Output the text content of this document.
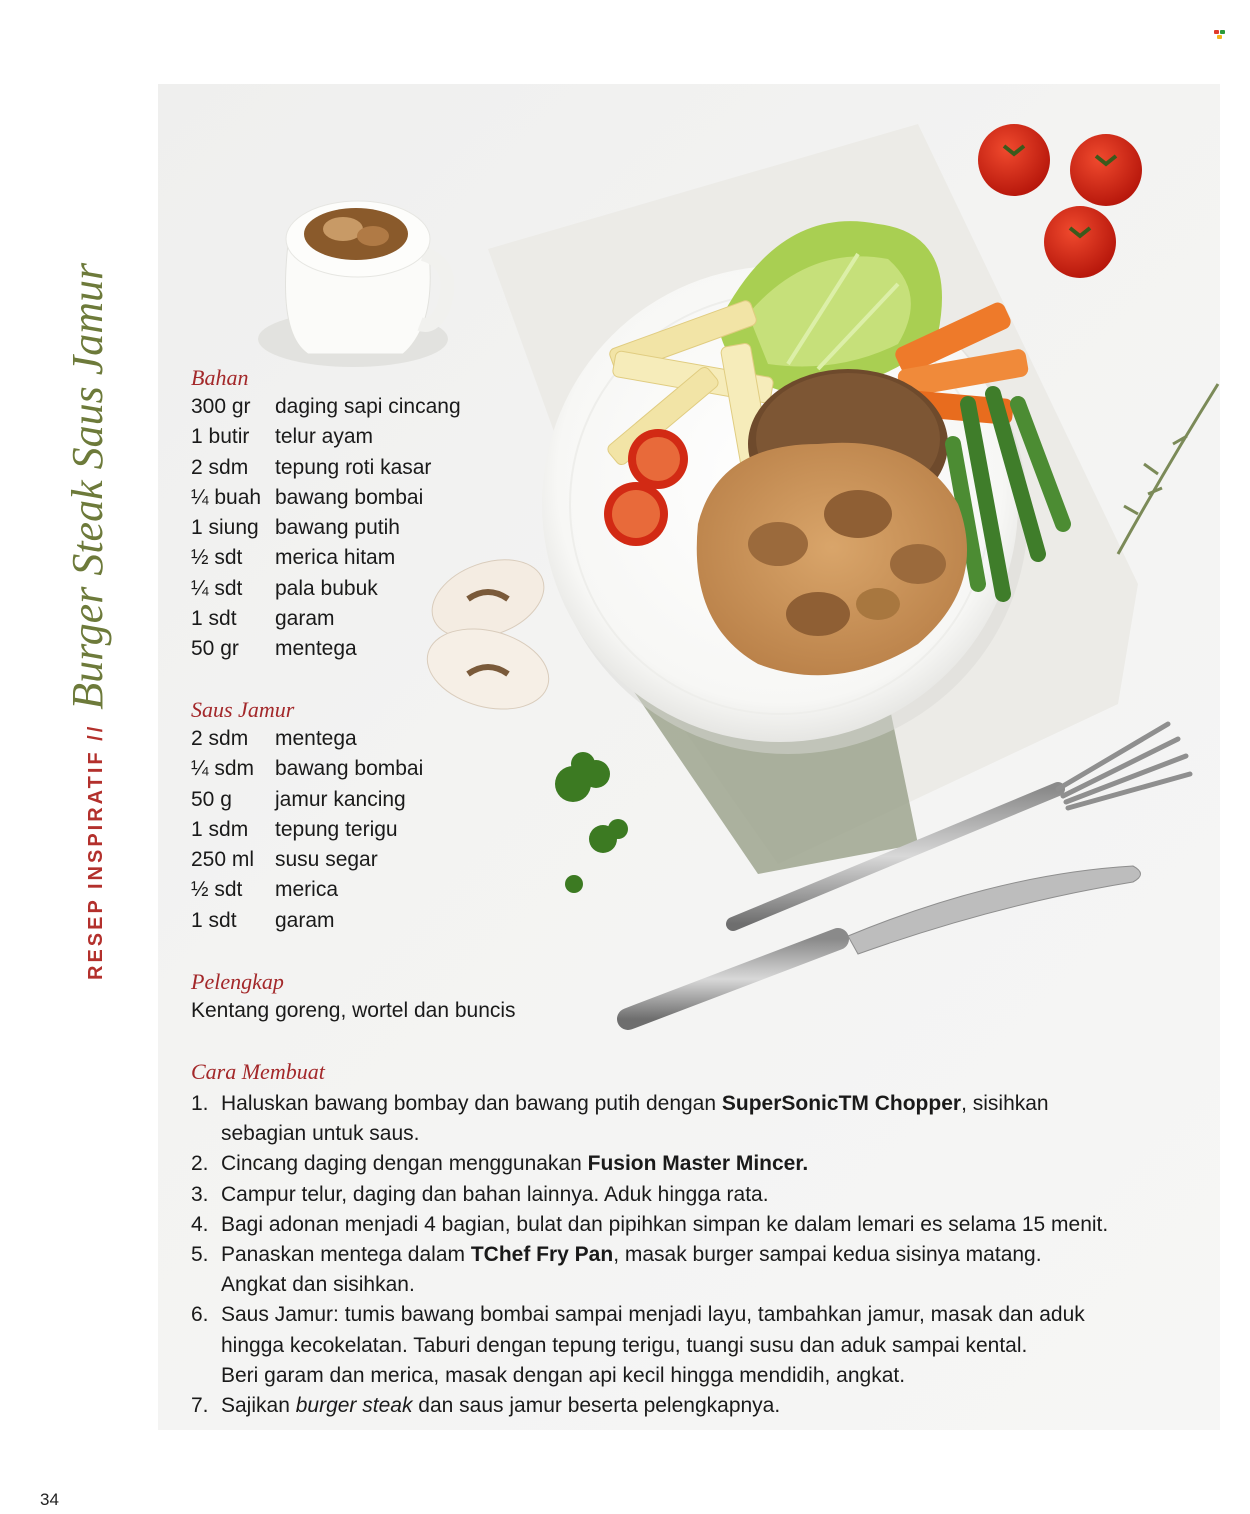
RESEP INSPIRATIF //
Burger Steak Saus Jamur	Bahan
300 gr daging sapi cincang
1 butir telur ayam
2 sdm tepung roti kasar
¼ buah bawang bombai
1 siung bawang putih
½ sdt merica hitam
¼ sdt pala bubuk
1 sdt garam
50 gr mentega
Saus Jamur
2 sdm mentega
¼ sdm bawang bombai
50 g jamur kancing
1 sdm tepung terigu
250 ml susu segar
½ sdt merica
1 sdt garam
Pelengkap
Kentang goreng, wortel dan buncis
Cara Membuat
1. Haluskan bawang bombay dan bawang putih dengan SuperSonicTM Chopper, sisihkan
sebagian untuk saus.
2. Cincang daging dengan menggunakan Fusion Master Mincer.
3. Campur telur, daging dan bahan lainnya. Aduk hingga rata.
4. Bagi adonan menjadi 4 bagian, bulat dan pipihkan simpan ke dalam lemari es selama 15 menit.
5. Panaskan mentega dalam TChef Fry Pan, masak burger sampai kedua sisinya matang.
Angkat dan sisihkan.
6. Saus Jamur: tumis bawang bombai sampai menjadi layu, tambahkan jamur, masak dan aduk
hingga kecokelatan. Taburi dengan tepung terigu, tuangi susu dan aduk sampai kental.
Beri garam dan merica, masak dengan api kecil hingga mendidih, angkat.
7. Sajikan burger steak dan saus jamur beserta pelengkapnya.
34
